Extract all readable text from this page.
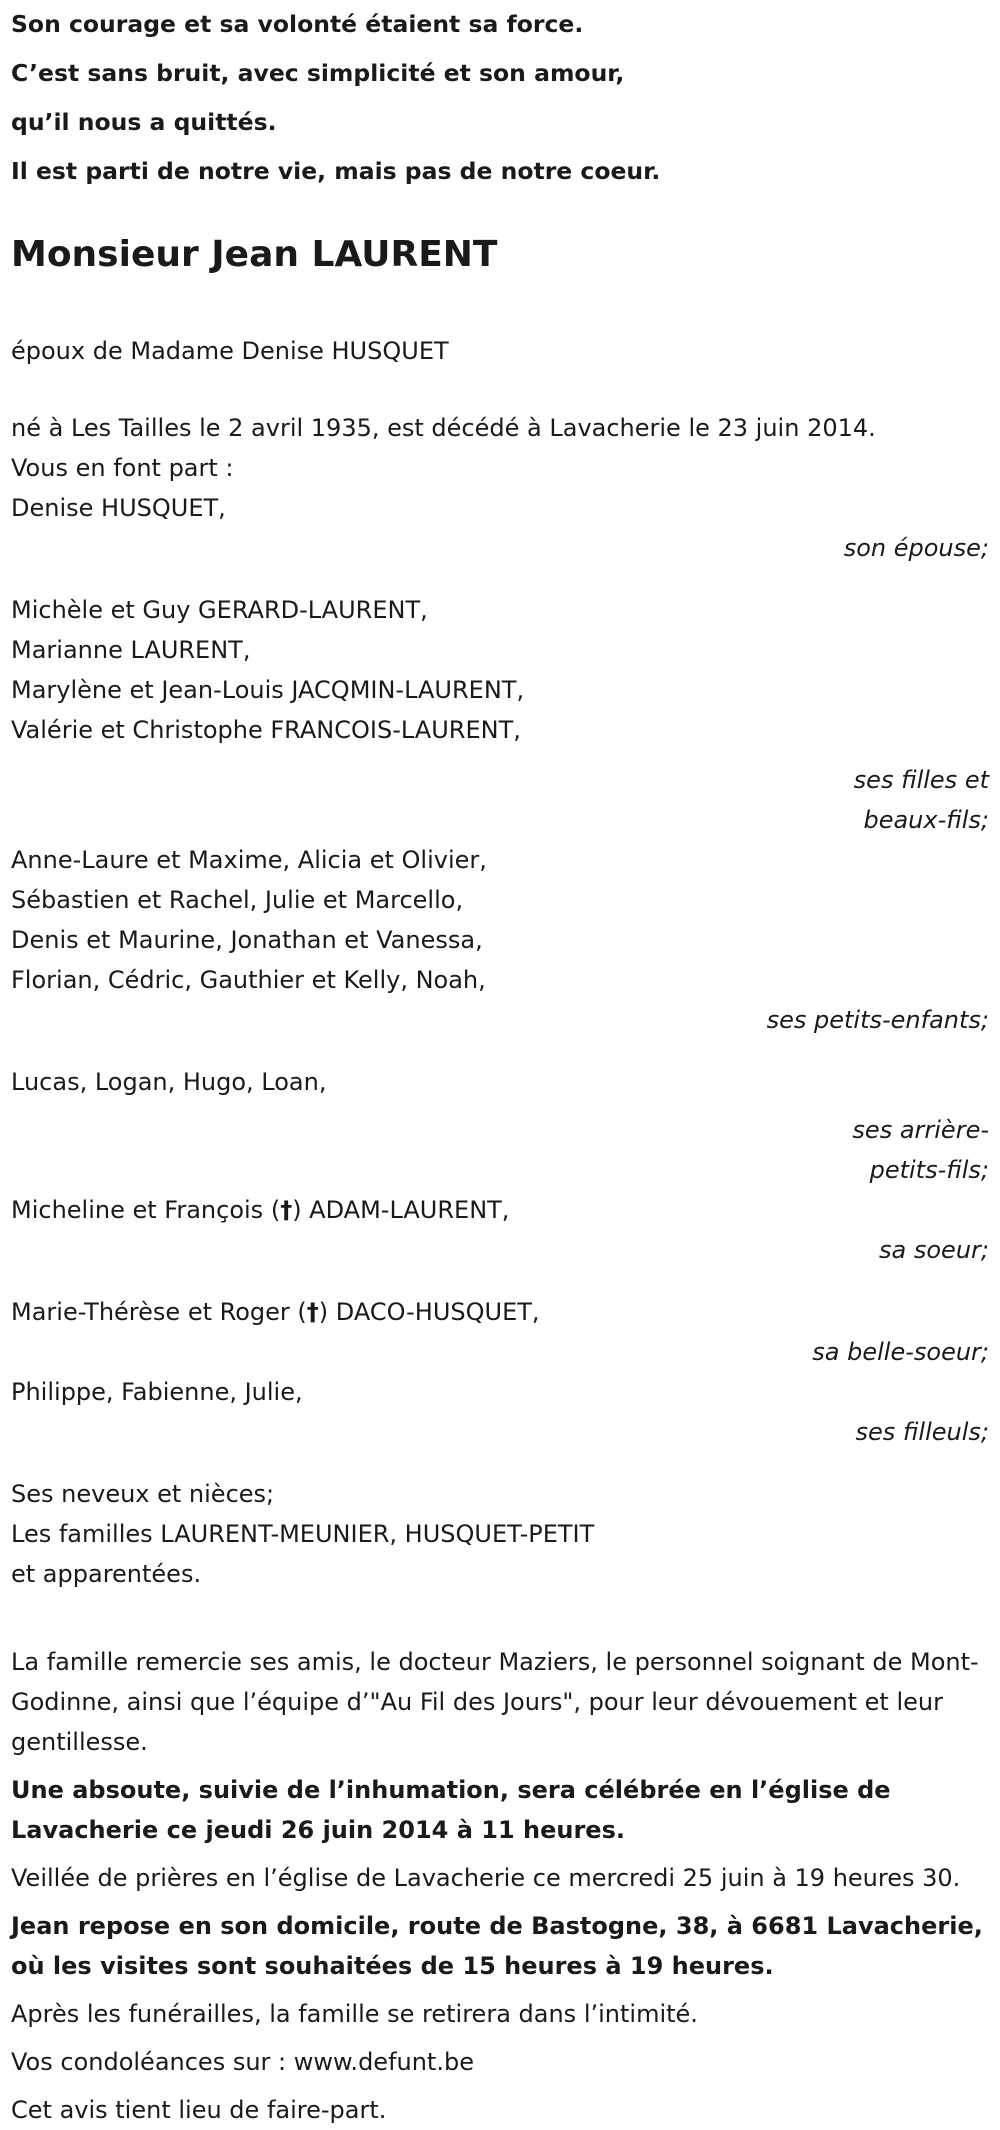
Son courage et sa volonté étaient sa force.
C’est sans bruit, avec simplicité et son amour,
qu’il nous a quittés.
Il est parti de notre vie, mais pas de notre coeur.
Monsieur Jean LAURENT

époux de Madame Denise HUSQUET

né à Les Tailles le 2 avril 1935, est décédé à Lavacherie le 23 juin 2014.

Vous en font part :

Denise HUSQUET,

son épouse;

Michèle et Guy GERARD-LAURENT,

Marianne LAURENT,

Marylène et Jean-Louis JACQMIN-LAURENT,

Valérie et Christophe FRANCOIS-LAURENT,

ses filles et

beaux-fils;

Anne-Laure et Maxime, Alicia et Olivier,

Sébastien et Rachel, Julie et Marcello,

Denis et Maurine, Jonathan et Vanessa,

Florian, Cédric, Gauthier et Kelly, Noah,

ses petits-enfants;

Lucas, Logan, Hugo, Loan,

ses arrière-

petits-fils;

Micheline et François (†) ADAM-LAURENT,

sa soeur;

Marie-Thérèse et Roger (†) DACO-HUSQUET,

sa belle-soeur;

Philippe, Fabienne, Julie,

ses filleuls;

Ses neveux et nièces;

Les familles LAURENT-MEUNIER, HUSQUET-PETIT

et apparentées.

La famille remercie ses amis, le docteur Maziers, le personnel soignant de Mont-Godinne, ainsi que l’équipe d’"Au Fil des Jours", pour leur dévouement et leur gentillesse.

Une absoute, suivie de l’inhumation, sera célébrée en l’église de Lavacherie ce jeudi 26 juin 2014 à 11 heures.

Veillée de prières en l’église de Lavacherie ce mercredi 25 juin à 19 heures 30.

Jean repose en son domicile, route de Bastogne, 38, à 6681 Lavacherie, où les visites sont souhaitées de 15 heures à 19 heures.

Après les funérailles, la famille se retirera dans l’intimité.

Vos condoléances sur : www.defunt.be

Cet avis tient lieu de faire-part.
